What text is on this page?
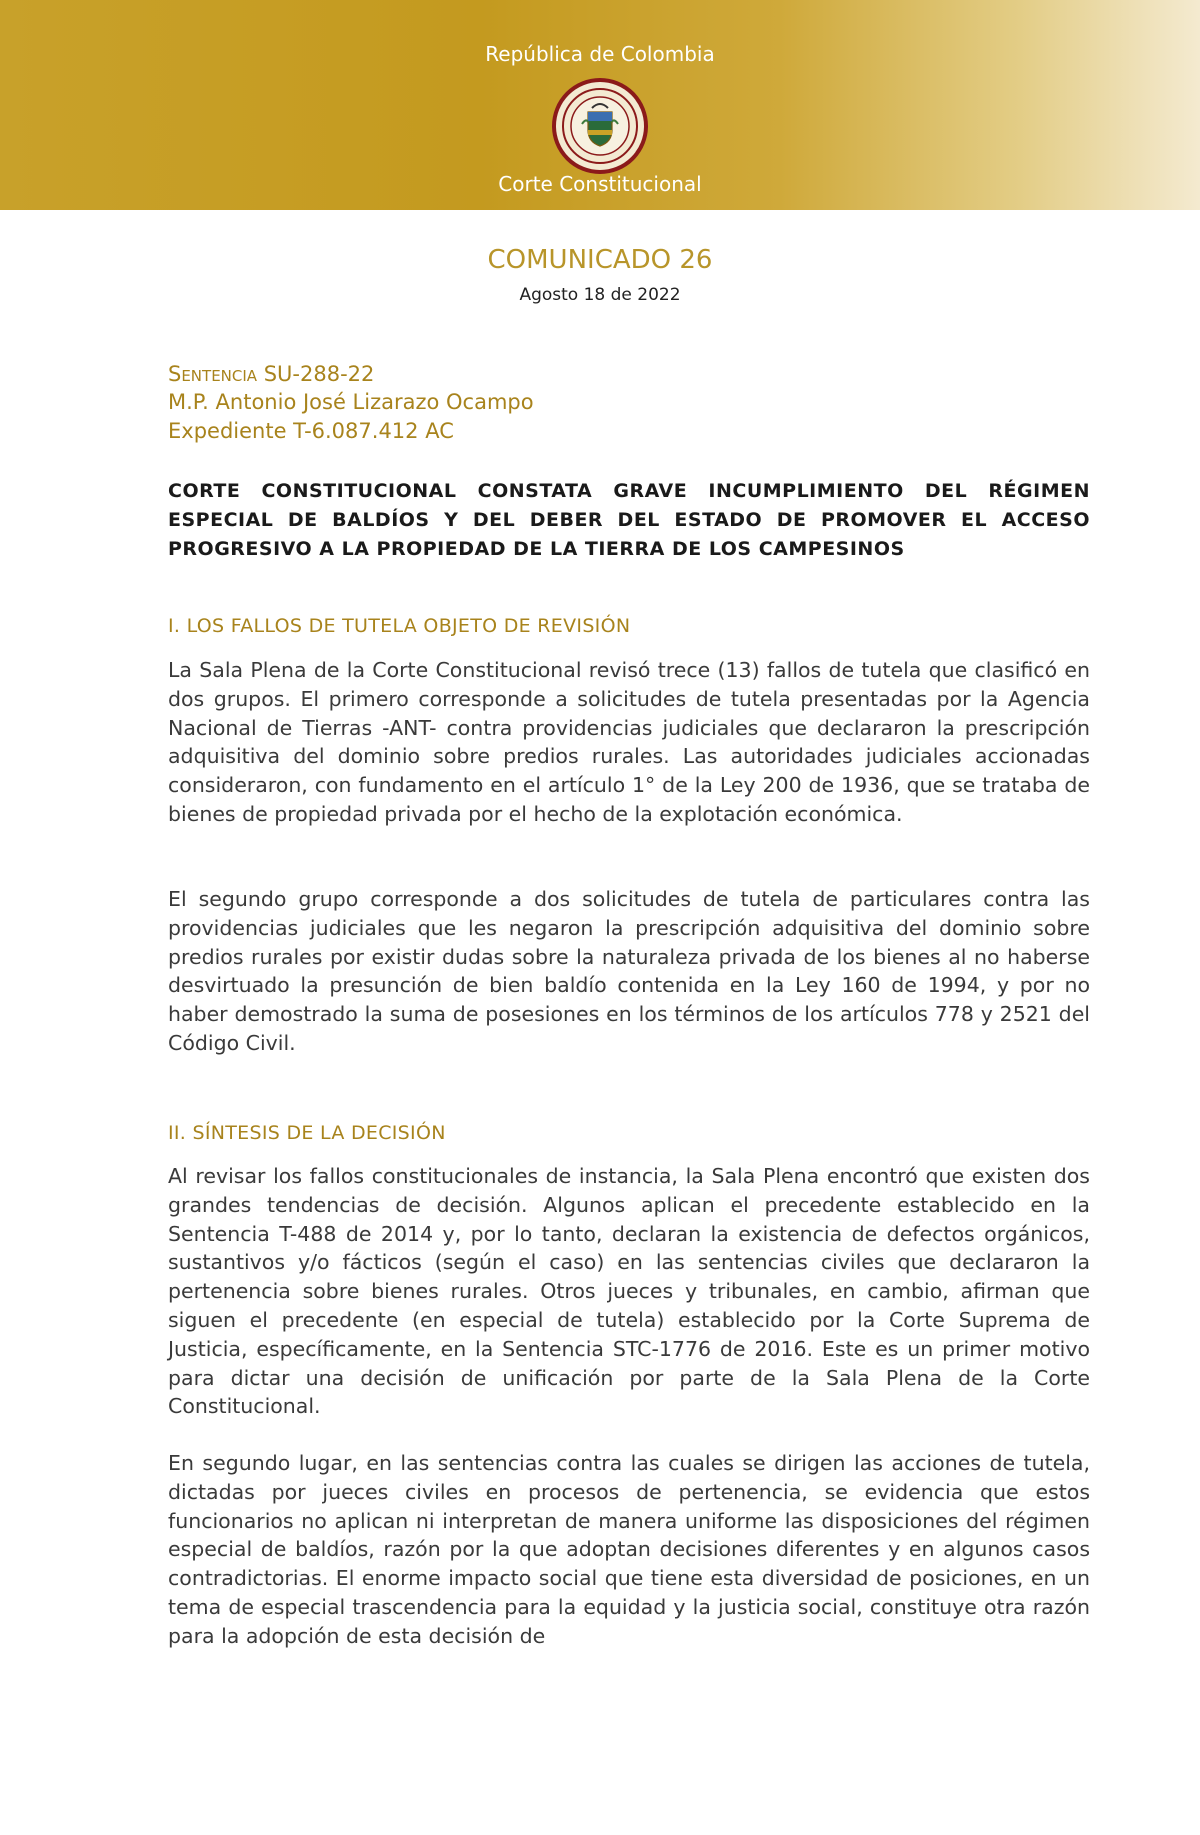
República de Colombia
Corte Constitucional
COMUNICADO 26
Agosto 18 de 2022
Sentencia SU-288-22
M.P. Antonio José Lizarazo Ocampo
Expediente T-6.087.412 AC
CORTE CONSTITUCIONAL CONSTATA GRAVE INCUMPLIMIENTO DEL RÉGIMEN ESPECIAL DE BALDÍOS Y DEL DEBER DEL ESTADO DE PROMOVER EL ACCESO PROGRESIVO A LA PROPIEDAD DE LA TIERRA DE LOS CAMPESINOS
I. LOS FALLOS DE TUTELA OBJETO DE REVISIÓN

La Sala Plena de la Corte Constitucional revisó trece (13) fallos de tutela que clasificó en dos grupos. El primero corresponde a solicitudes de tutela presentadas por la Agencia Nacional de Tierras -ANT- contra providencias judiciales que declararon la prescripción adquisitiva del dominio sobre predios rurales. Las autoridades judiciales accionadas consideraron, con fundamento en el artículo 1° de la Ley 200 de 1936, que se trataba de bienes de propiedad privada por el hecho de la explotación económica.

El segundo grupo corresponde a dos solicitudes de tutela de particulares contra las providencias judiciales que les negaron la prescripción adquisitiva del dominio sobre predios rurales por existir dudas sobre la naturaleza privada de los bienes al no haberse desvirtuado la presunción de bien baldío contenida en la Ley 160 de 1994, y por no haber demostrado la suma de posesiones en los términos de los artículos 778 y 2521 del Código Civil.

II. SÍNTESIS DE LA DECISIÓN

Al revisar los fallos constitucionales de instancia, la Sala Plena encontró que existen dos grandes tendencias de decisión. Algunos aplican el precedente establecido en la Sentencia T-488 de 2014 y, por lo tanto, declaran la existencia de defectos orgánicos, sustantivos y/o fácticos (según el caso) en las sentencias civiles que declararon la pertenencia sobre bienes rurales. Otros jueces y tribunales, en cambio, afirman que siguen el precedente (en especial de tutela) establecido por la Corte Suprema de Justicia, específicamente, en la Sentencia STC-1776 de 2016. Este es un primer motivo para dictar una decisión de unificación por parte de la Sala Plena de la Corte Constitucional.

En segundo lugar, en las sentencias contra las cuales se dirigen las acciones de tutela, dictadas por jueces civiles en procesos de pertenencia, se evidencia que estos funcionarios no aplican ni interpretan de manera uniforme las disposiciones del régimen especial de baldíos, razón por la que adoptan decisiones diferentes y en algunos casos contradictorias. El enorme impacto social que tiene esta diversidad de posiciones, en un tema de especial trascendencia para la equidad y la justicia social, constituye otra razón para la adopción de esta decisión de
